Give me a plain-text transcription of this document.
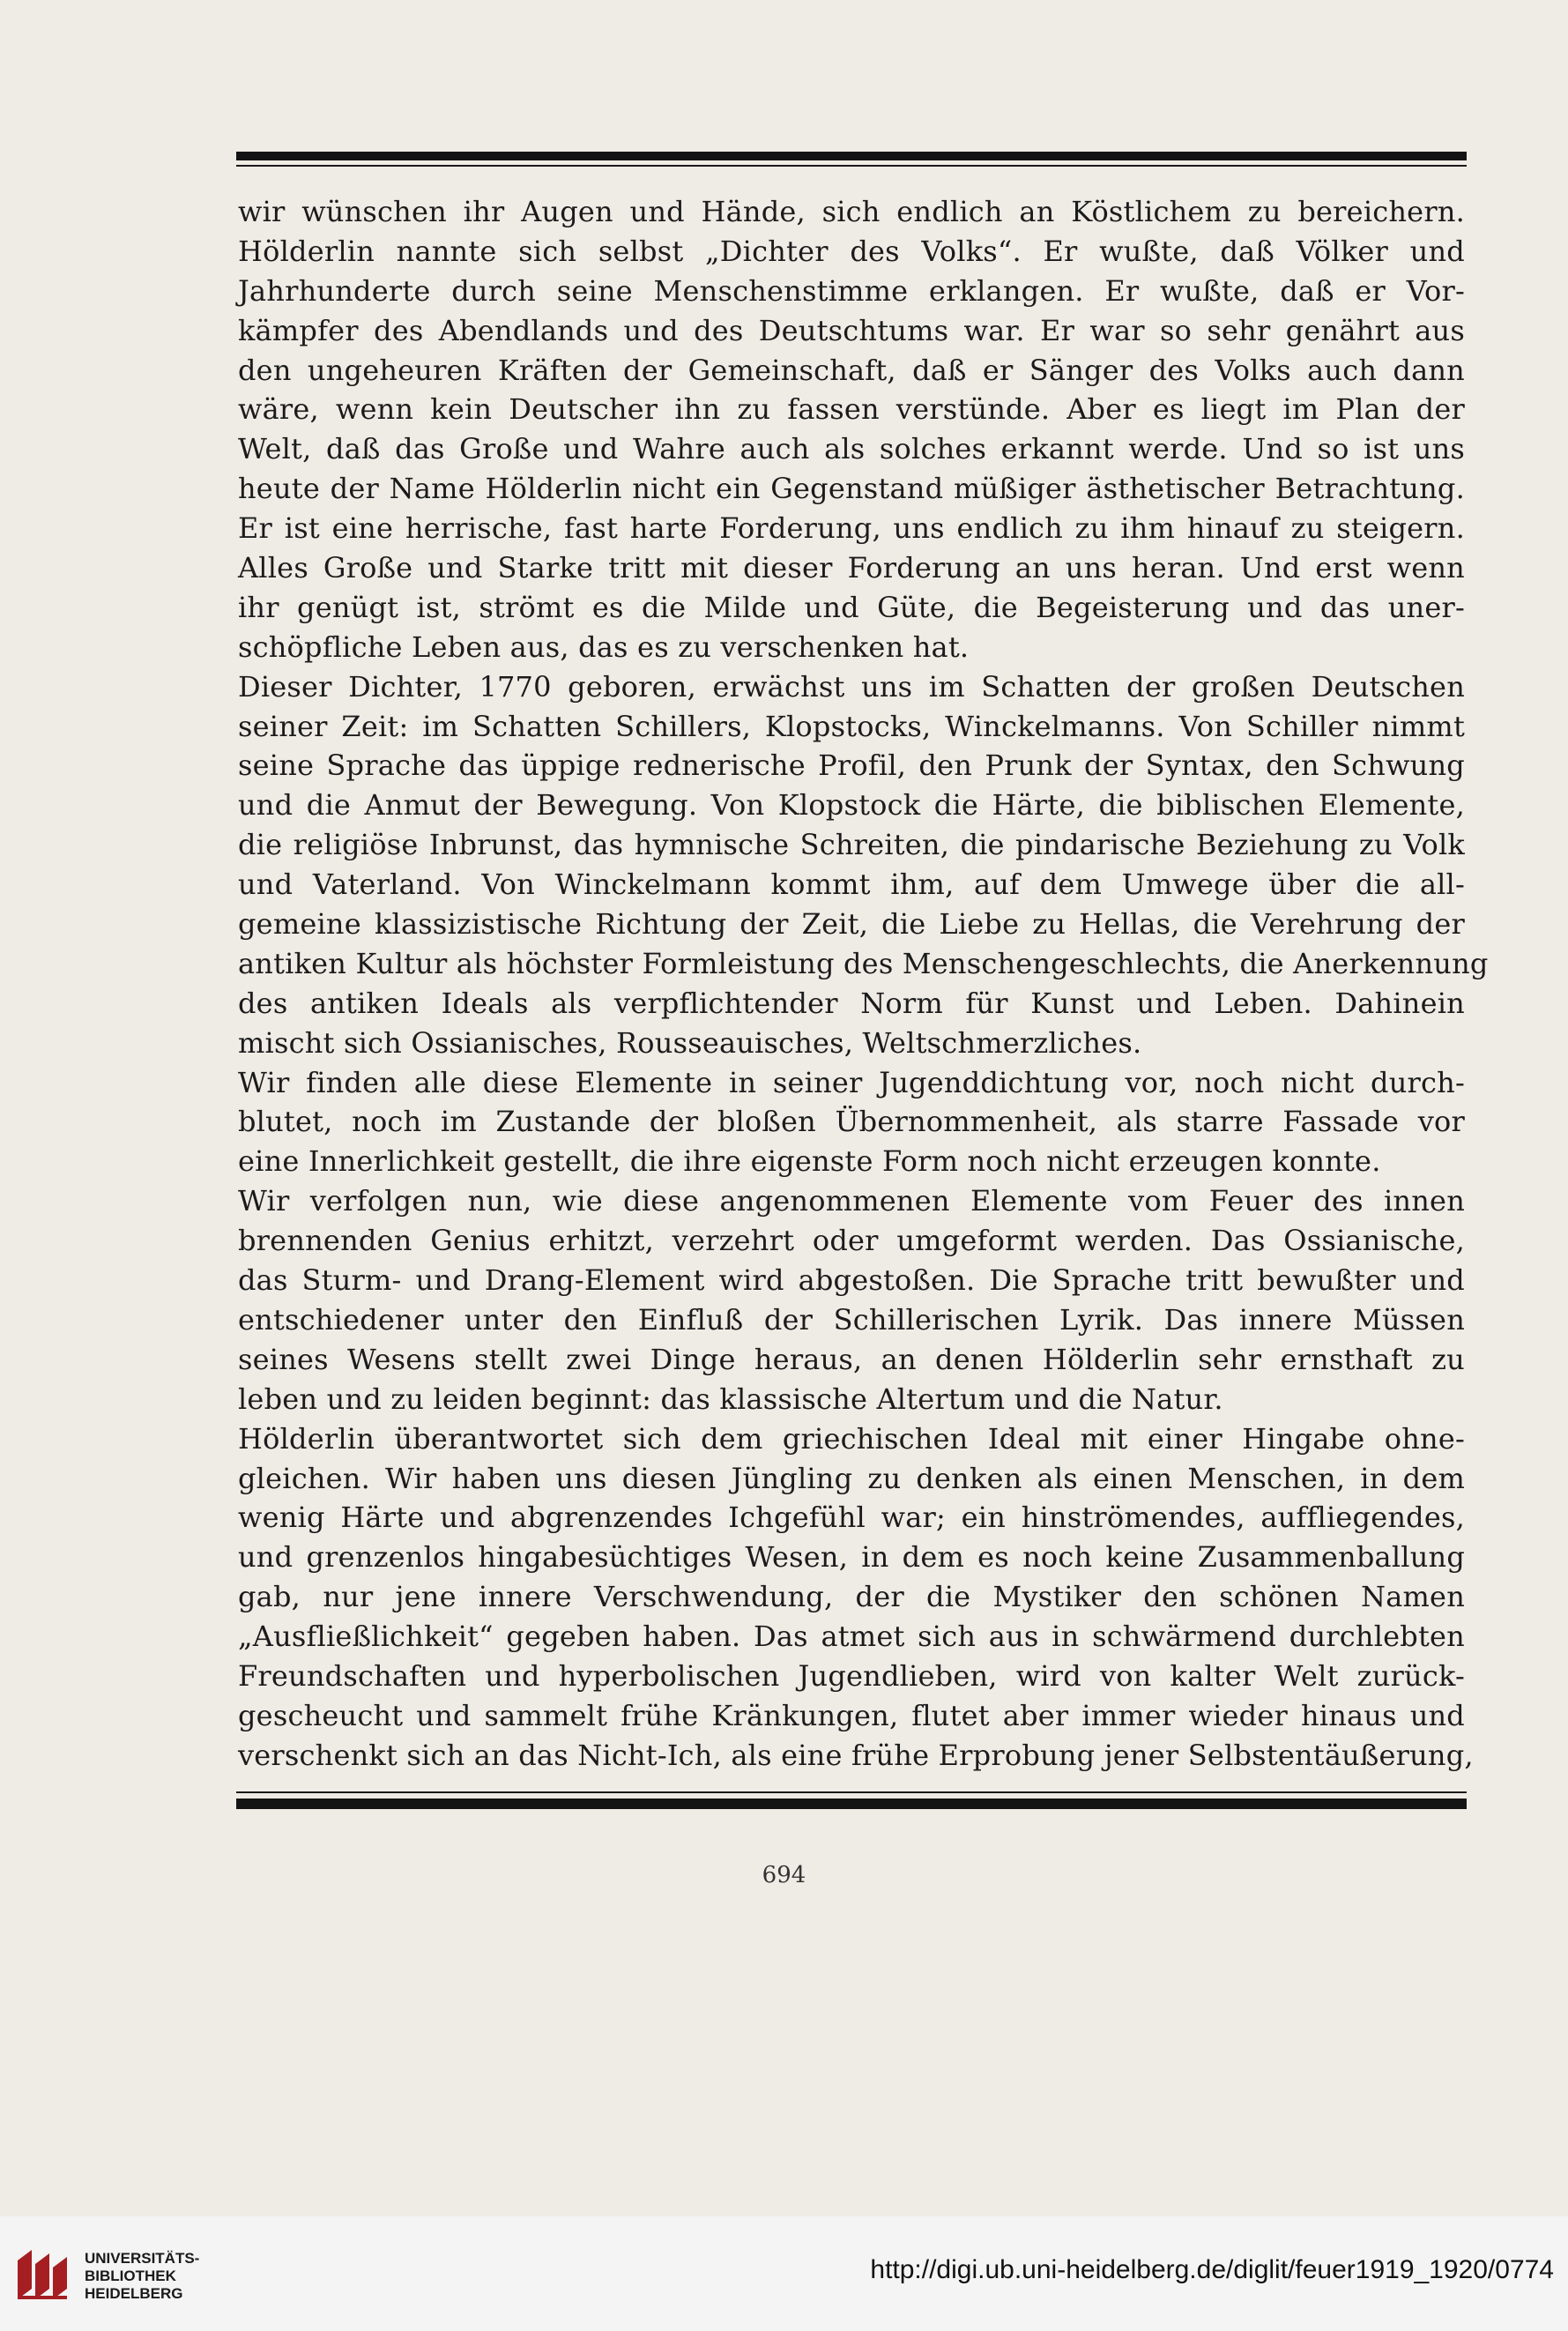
wir wünschen ihr Augen und Hände, sich endlich an Köstlichem zu bereichern.
Hölderlin nannte sich selbst „Dichter des Volks“. Er wußte, daß Völker und
Jahrhunderte durch seine Menschenstimme erklangen. Er wußte, daß er Vor-
kämpfer des Abendlands und des Deutschtums war. Er war so sehr genährt aus
den ungeheuren Kräften der Gemeinschaft, daß er Sänger des Volks auch dann
wäre, wenn kein Deutscher ihn zu fassen verstünde. Aber es liegt im Plan der
Welt, daß das Große und Wahre auch als solches erkannt werde. Und so ist uns
heute der Name Hölderlin nicht ein Gegenstand müßiger ästhetischer Betrachtung.
Er ist eine herrische, fast harte Forderung, uns endlich zu ihm hinauf zu steigern.
Alles Große und Starke tritt mit dieser Forderung an uns heran. Und erst wenn
ihr genügt ist, strömt es die Milde und Güte, die Begeisterung und das uner-
schöpfliche Leben aus, das es zu verschenken hat.
Dieser Dichter, 1770 geboren, erwächst uns im Schatten der großen Deutschen
seiner Zeit: im Schatten Schillers, Klopstocks, Winckelmanns. Von Schiller nimmt
seine Sprache das üppige rednerische Profil, den Prunk der Syntax, den Schwung
und die Anmut der Bewegung. Von Klopstock die Härte, die biblischen Elemente,
die religiöse Inbrunst, das hymnische Schreiten, die pindarische Beziehung zu Volk
und Vaterland. Von Winckelmann kommt ihm, auf dem Umwege über die all-
gemeine klassizistische Richtung der Zeit, die Liebe zu Hellas, die Verehrung der
antiken Kultur als höchster Formleistung des Menschengeschlechts, die Anerkennung
des antiken Ideals als verpflichtender Norm für Kunst und Leben. Dahinein
mischt sich Ossianisches, Rousseauisches, Weltschmerzliches.
Wir finden alle diese Elemente in seiner Jugenddichtung vor, noch nicht durch-
blutet, noch im Zustande der bloßen Übernommenheit, als starre Fassade vor
eine Innerlichkeit gestellt, die ihre eigenste Form noch nicht erzeugen konnte.
Wir verfolgen nun, wie diese angenommenen Elemente vom Feuer des innen
brennenden Genius erhitzt, verzehrt oder umgeformt werden. Das Ossianische,
das Sturm- und Drang-Element wird abgestoßen. Die Sprache tritt bewußter und
entschiedener unter den Einfluß der Schillerischen Lyrik. Das innere Müssen
seines Wesens stellt zwei Dinge heraus, an denen Hölderlin sehr ernsthaft zu
leben und zu leiden beginnt: das klassische Altertum und die Natur.
Hölderlin überantwortet sich dem griechischen Ideal mit einer Hingabe ohne-
gleichen. Wir haben uns diesen Jüngling zu denken als einen Menschen, in dem
wenig Härte und abgrenzendes Ichgefühl war; ein hinströmendes, auffliegendes,
und grenzenlos hingabesüchtiges Wesen, in dem es noch keine Zusammenballung
gab, nur jene innere Verschwendung, der die Mystiker den schönen Namen
„Ausfließlichkeit“ gegeben haben. Das atmet sich aus in schwärmend durchlebten
Freundschaften und hyperbolischen Jugendlieben, wird von kalter Welt zurück-
gescheucht und sammelt frühe Kränkungen, flutet aber immer wieder hinaus und
verschenkt sich an das Nicht-Ich, als eine frühe Erprobung jener Selbstentäußerung,
694
UNIVERSITÄTS-
BIBLIOTHEK
HEIDELBERG
http://digi.ub.uni-heidelberg.de/diglit/feuer1919_1920/0774
